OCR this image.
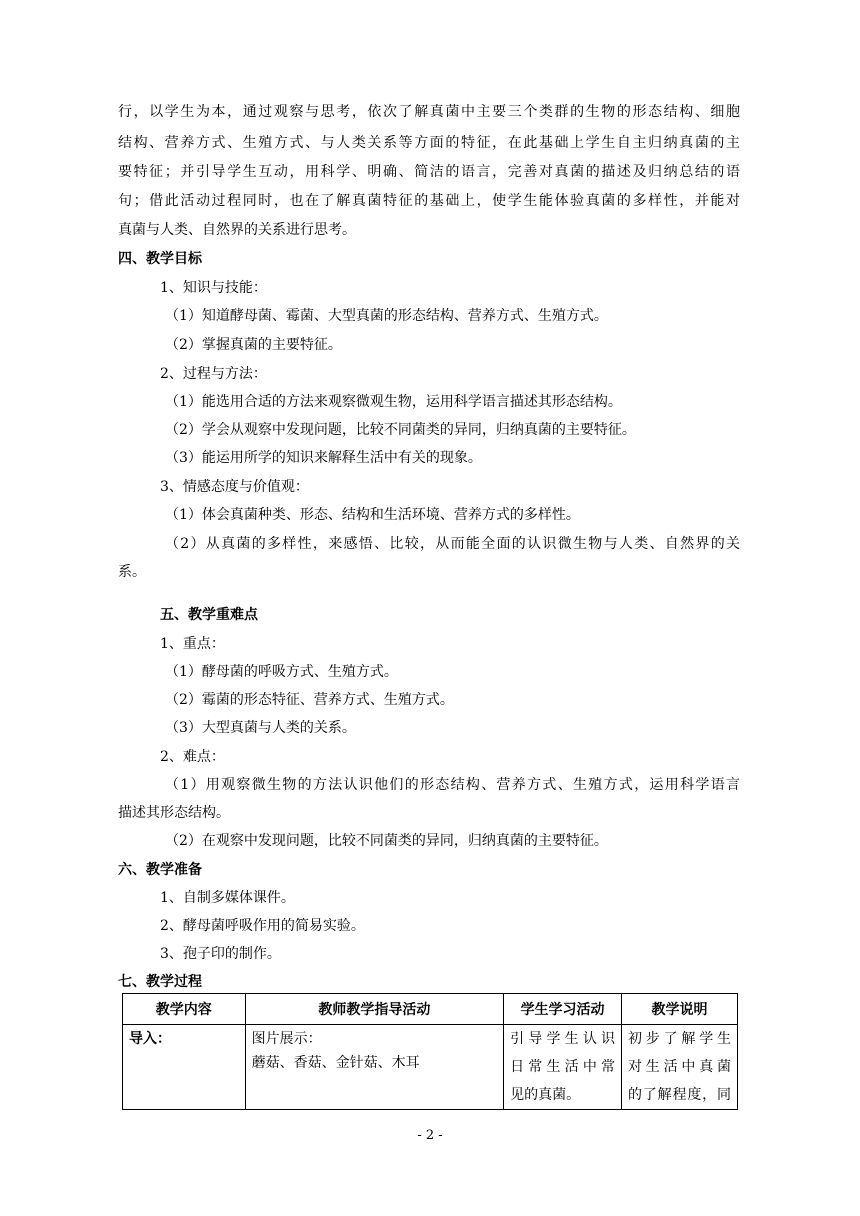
行，以学生为本，通过观察与思考，依次了解真菌中主要三个类群的生物的形态结构、细胞
结构、营养方式、生殖方式、与人类关系等方面的特征，在此基础上学生自主归纳真菌的主
要特征；并引导学生互动，用科学、明确、简洁的语言，完善对真菌的描述及归纳总结的语
句；借此活动过程同时，也在了解真菌特征的基础上，使学生能体验真菌的多样性，并能对
真菌与人类、自然界的关系进行思考。
四、教学目标
1、知识与技能：
（1）知道酵母菌、霉菌、大型真菌的形态结构、营养方式、生殖方式。
（2）掌握真菌的主要特征。
2、过程与方法：
（1）能选用合适的方法来观察微观生物，运用科学语言描述其形态结构。
（2）学会从观察中发现问题，比较不同菌类的异同，归纳真菌的主要特征。
（3）能运用所学的知识来解释生活中有关的现象。
3、情感态度与价值观：
（1）体会真菌种类、形态、结构和生活环境、营养方式的多样性。
（2）从真菌的多样性，来感悟、比较，从而能全面的认识微生物与人类、自然界的关
系。
五、教学重难点
1、重点：
（1）酵母菌的呼吸方式、生殖方式。
（2）霉菌的形态特征、营养方式、生殖方式。
（3）大型真菌与人类的关系。
2、难点：
（1）用观察微生物的方法认识他们的形态结构、营养方式、生殖方式，运用科学语言
描述其形态结构。
（2）在观察中发现问题，比较不同菌类的异同，归纳真菌的主要特征。
六、教学准备
1、自制多媒体课件。
2、酵母菌呼吸作用的简易实验。
3、孢子印的制作。
七、教学过程
教学内容	教师教学指导活动	学生学习活动	教学说明

导入：	图片展示：
蘑菇、香菇、金针菇、木耳	引导学生认识
日常生活中常
见的真菌。	初步了解学生
对生活中真菌
的了解程度，同
- 2 -
